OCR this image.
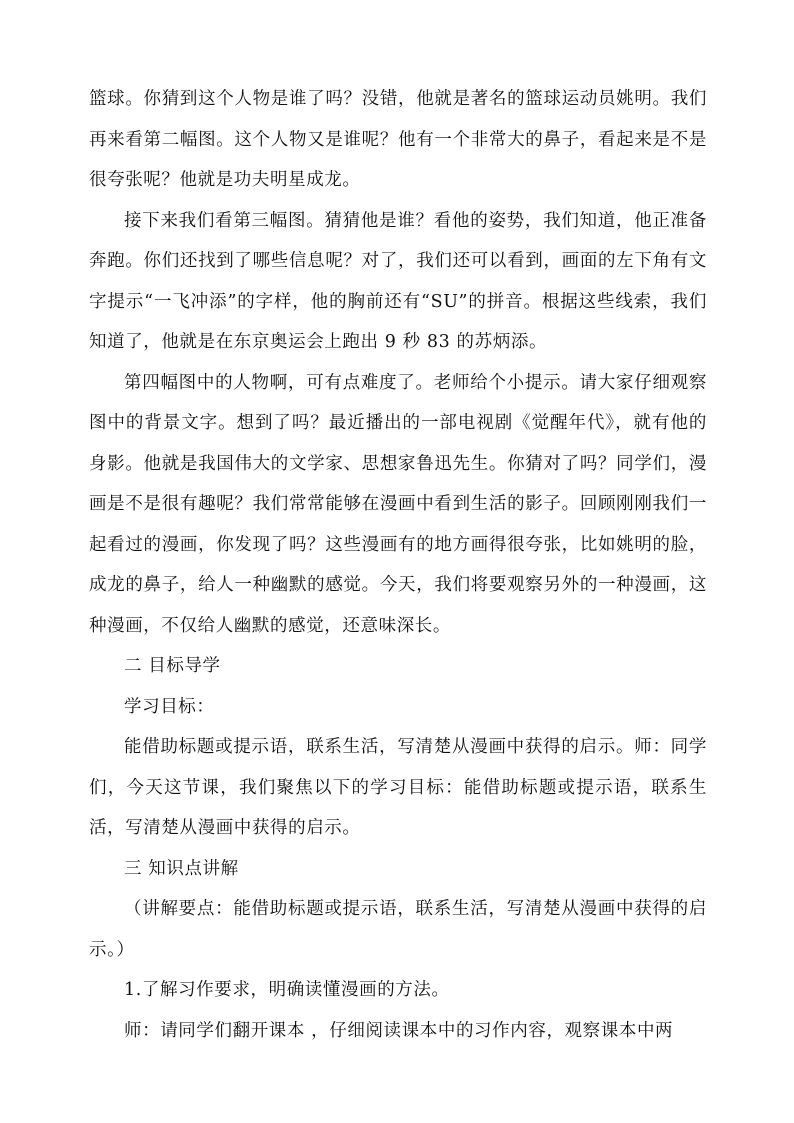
篮球。你猜到这个人物是谁了吗？没错，他就是著名的篮球运动员姚明。我们再来看第二幅图。这个人物又是谁呢？他有一个非常大的鼻子，看起来是不是很夸张呢？他就是功夫明星成龙。

接下来我们看第三幅图。猜猜他是谁？看他的姿势，我们知道，他正准备奔跑。你们还找到了哪些信息呢？对了，我们还可以看到，画面的左下角有文字提示“一飞冲添”的字样，他的胸前还有“SU”的拼音。根据这些线索，我们知道了，他就是在东京奥运会上跑出 9 秒 83 的苏炳添。

第四幅图中的人物啊，可有点难度了。老师给个小提示。请大家仔细观察图中的背景文字。想到了吗？最近播出的一部电视剧《觉醒年代》，就有他的身影。他就是我国伟大的文学家、思想家鲁迅先生。你猜对了吗？同学们，漫画是不是很有趣呢？我们常常能够在漫画中看到生活的影子。回顾刚刚我们一起看过的漫画，你发现了吗？这些漫画有的地方画得很夸张，比如姚明的脸，成龙的鼻子，给人一种幽默的感觉。今天，我们将要观察另外的一种漫画，这种漫画，不仅给人幽默的感觉，还意味深长。

二 目标导学

学习目标：

能借助标题或提示语，联系生活，写清楚从漫画中获得的启示。师：同学们，今天这节课，我们聚焦以下的学习目标：能借助标题或提示语，联系生活，写清楚从漫画中获得的启示。

三 知识点讲解

（讲解要点：能借助标题或提示语，联系生活，写清楚从漫画中获得的启示。）

1.了解习作要求，明确读懂漫画的方法。

师：请同学们翻开课本 ，仔细阅读课本中的习作内容，观察课本中两
